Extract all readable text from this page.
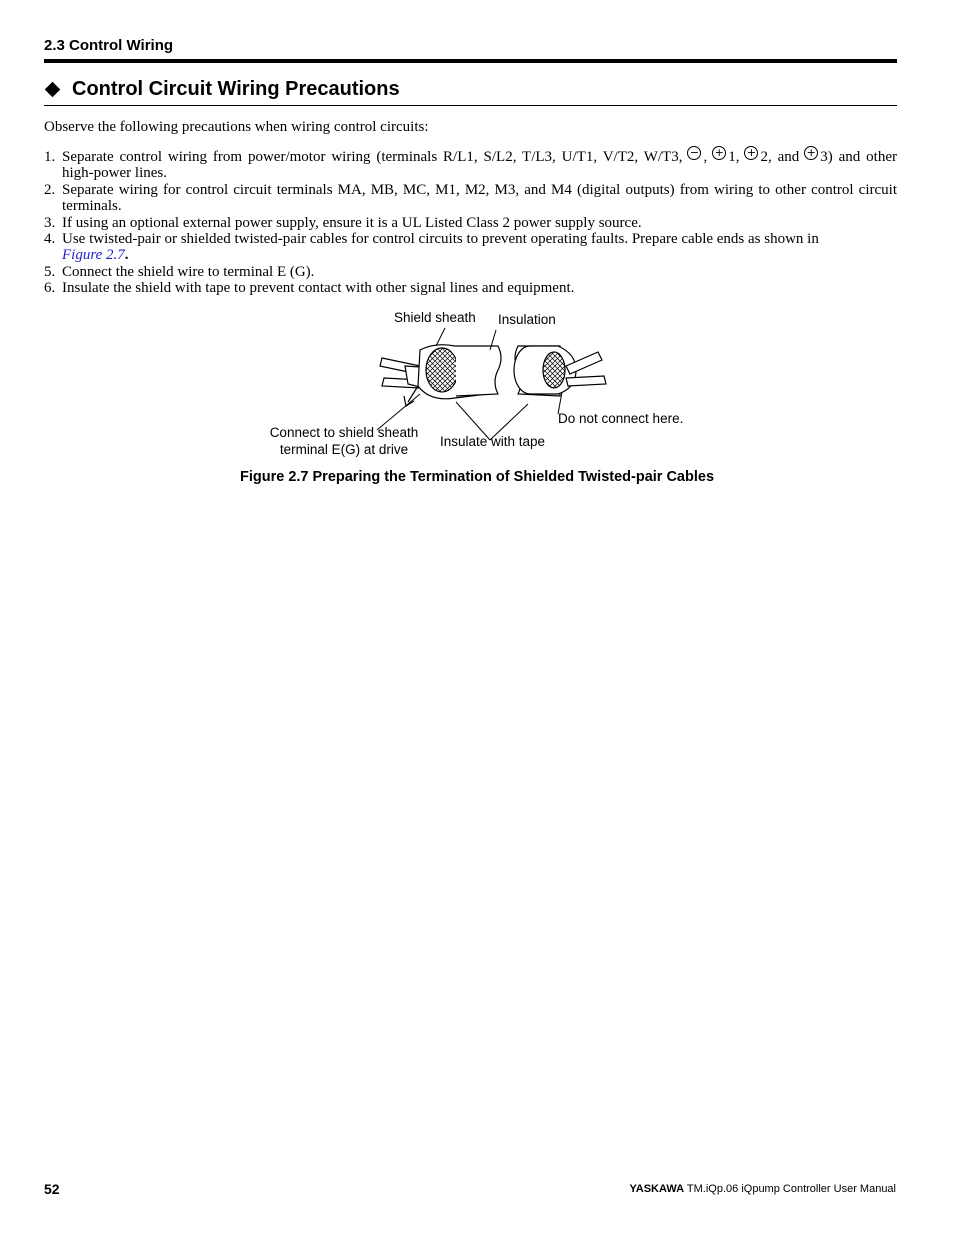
2.3 Control Wiring
Control Circuit Wiring Precautions
Observe the following precautions when wiring control circuits:
1. Separate control wiring from power/motor wiring (terminals R/L1, S/L2, T/L3, U/T1, V/T2, W/T3, − , + 1, + 2, and + 3) and other high-power lines.
2. Separate wiring for control circuit terminals MA, MB, MC, M1, M2, M3, and M4 (digital outputs) from wiring to other control circuit terminals.
3. If using an optional external power supply, ensure it is a UL Listed Class 2 power supply source.
4. Use twisted-pair or shielded twisted-pair cables for control circuits to prevent operating faults. Prepare cable ends as shown in
Figure 2.7.
5. Connect the shield wire to terminal E (G).
6. Insulate the shield with tape to prevent contact with other signal lines and equipment.
Shield sheath Insulation
Do not connect here.
Connect to shield sheath
terminal E(G) at drive
Insulate with tape
Figure 2.7 Preparing the Termination of Shielded Twisted-pair Cables
52	YASKAWA TM.iQp.06 iQpump Controller User Manual
